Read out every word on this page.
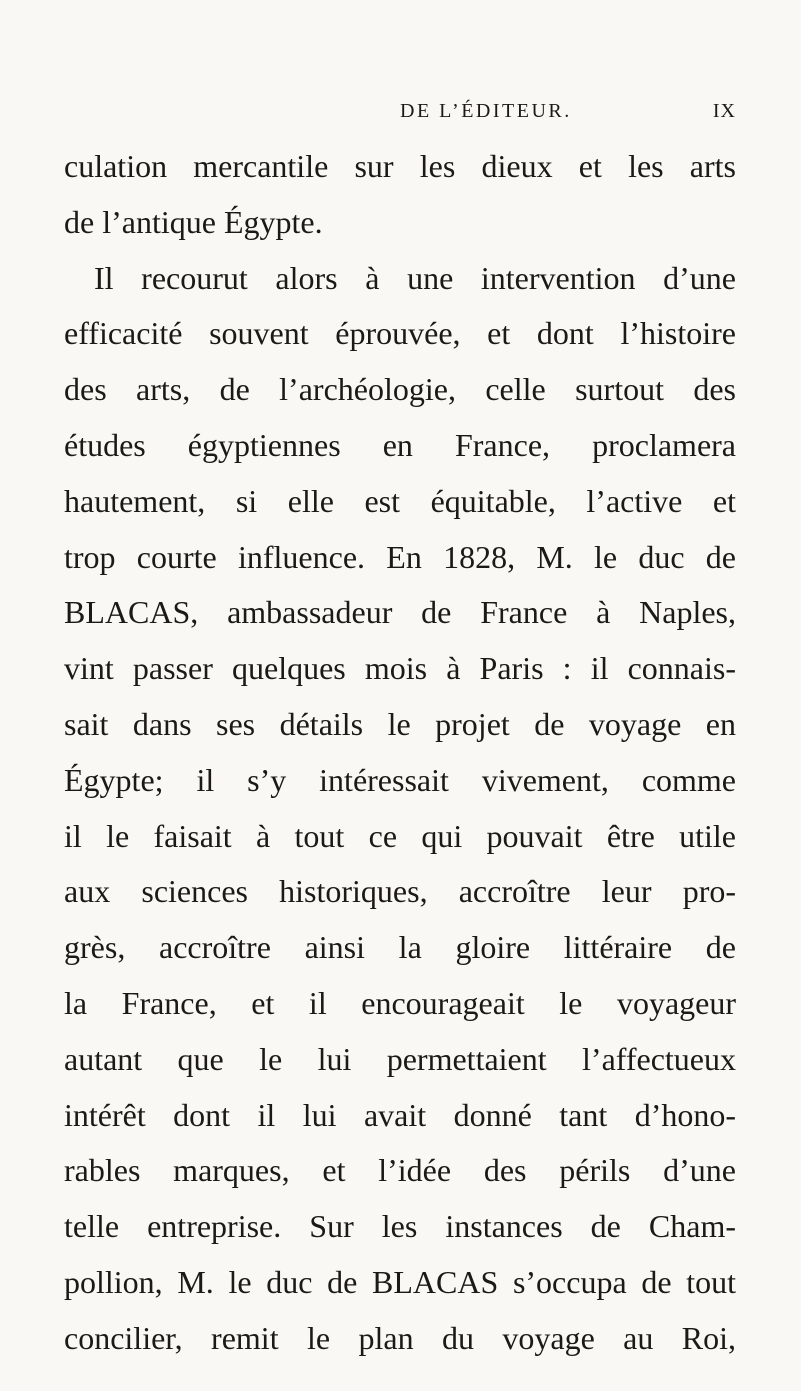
DE L’ÉDITEUR.	IX
culation mercantile sur les dieux et les arts
de l’antique Égypte.
Il recourut alors à une intervention d’une
efficacité souvent éprouvée, et dont l’histoire
des arts, de l’archéologie, celle surtout des
études égyptiennes en France, proclamera
hautement, si elle est équitable, l’active et
trop courte influence. En 1828, M. le duc de
BLACAS, ambassadeur de France à Naples,
vint passer quelques mois à Paris : il connais-
sait dans ses détails le projet de voyage en
Égypte; il s’y intéressait vivement, comme
il le faisait à tout ce qui pouvait être utile
aux sciences historiques, accroître leur pro-
grès, accroître ainsi la gloire littéraire de
la France, et il encourageait le voyageur
autant que le lui permettaient l’affectueux
intérêt dont il lui avait donné tant d’hono-
rables marques, et l’idée des périls d’une
telle entreprise. Sur les instances de Cham-
pollion, M. le duc de BLACAS s’occupa de tout
concilier, remit le plan du voyage au Roi,
